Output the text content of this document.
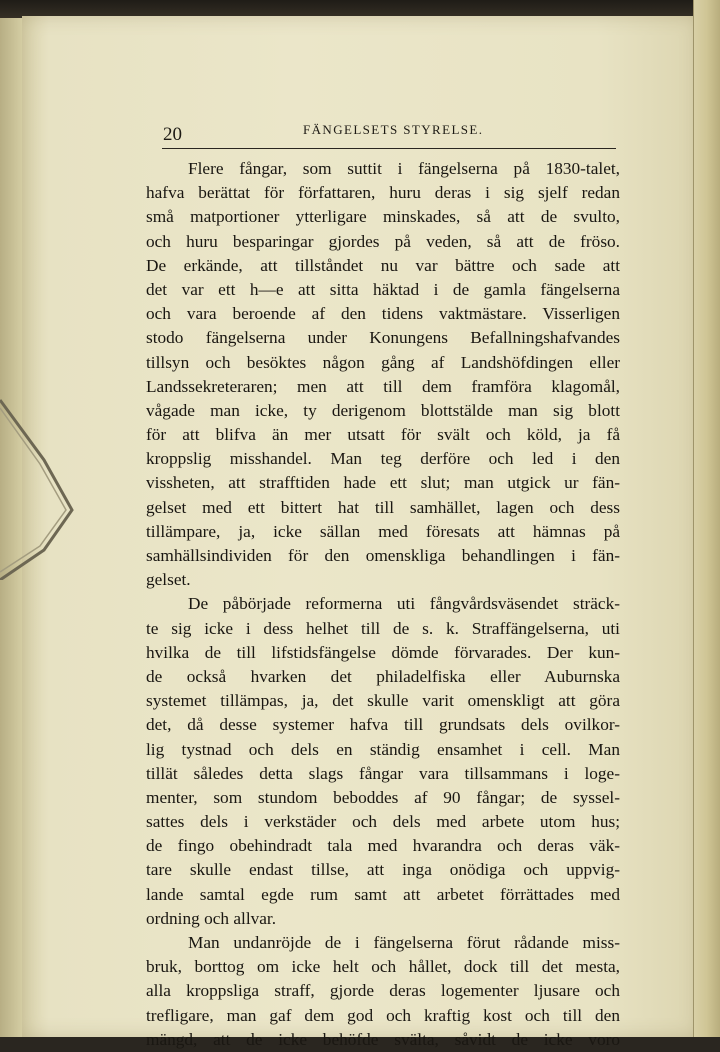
20	FÄNGELSETS STYRELSE.
Flere fångar, som suttit i fängelserna på 1830-talet,
hafva berättat för författaren, huru deras i sig sjelf redan
små matportioner ytterligare minskades, så att de svulto,
och huru besparingar gjordes på veden, så att de fröso.
De erkände, att tillståndet nu var bättre och sade att
det var ett h—e att sitta häktad i de gamla fängelserna
och vara beroende af den tidens vaktmästare. Visserligen
stodo fängelserna under Konungens Befallningshafvandes
tillsyn och besöktes någon gång af Landshöfdingen eller
Landssekreteraren; men att till dem framföra klagomål,
vågade man icke, ty derigenom blottstälde man sig blott
för att blifva än mer utsatt för svält och köld, ja få
kroppslig misshandel. Man teg derföre och led i den
vissheten, att strafftiden hade ett slut; man utgick ur fän-
gelset med ett bittert hat till samhället, lagen och dess
tillämpare, ja, icke sällan med föresats att hämnas på
samhällsindividen för den omenskliga behandlingen i fän-
gelset.
De påbörjade reformerna uti fångvårdsväsendet sträck-
te sig icke i dess helhet till de s. k. Straffängelserna, uti
hvilka de till lifstidsfängelse dömde förvarades. Der kun-
de också hvarken det philadelfiska eller Auburnska
systemet tillämpas, ja, det skulle varit omenskligt att göra
det, då desse systemer hafva till grundsats dels ovilkor-
lig tystnad och dels en ständig ensamhet i cell. Man
tillät således detta slags fångar vara tillsammans i loge-
menter, som stundom beboddes af 90 fångar; de syssel-
sattes dels i verkstäder och dels med arbete utom hus;
de fingo obehindradt tala med hvarandra och deras väk-
tare skulle endast tillse, att inga onödiga och uppvig-
lande samtal egde rum samt att arbetet förrättades med
ordning och allvar.
Man undanröjde de i fängelserna förut rådande miss-
bruk, borttog om icke helt och hållet, dock till det mesta,
alla kroppsliga straff, gjorde deras logementer ljusare och
trefligare, man gaf dem god och kraftig kost och till den
mängd, att de icke behöfde svälta, såvidt de icke voro
